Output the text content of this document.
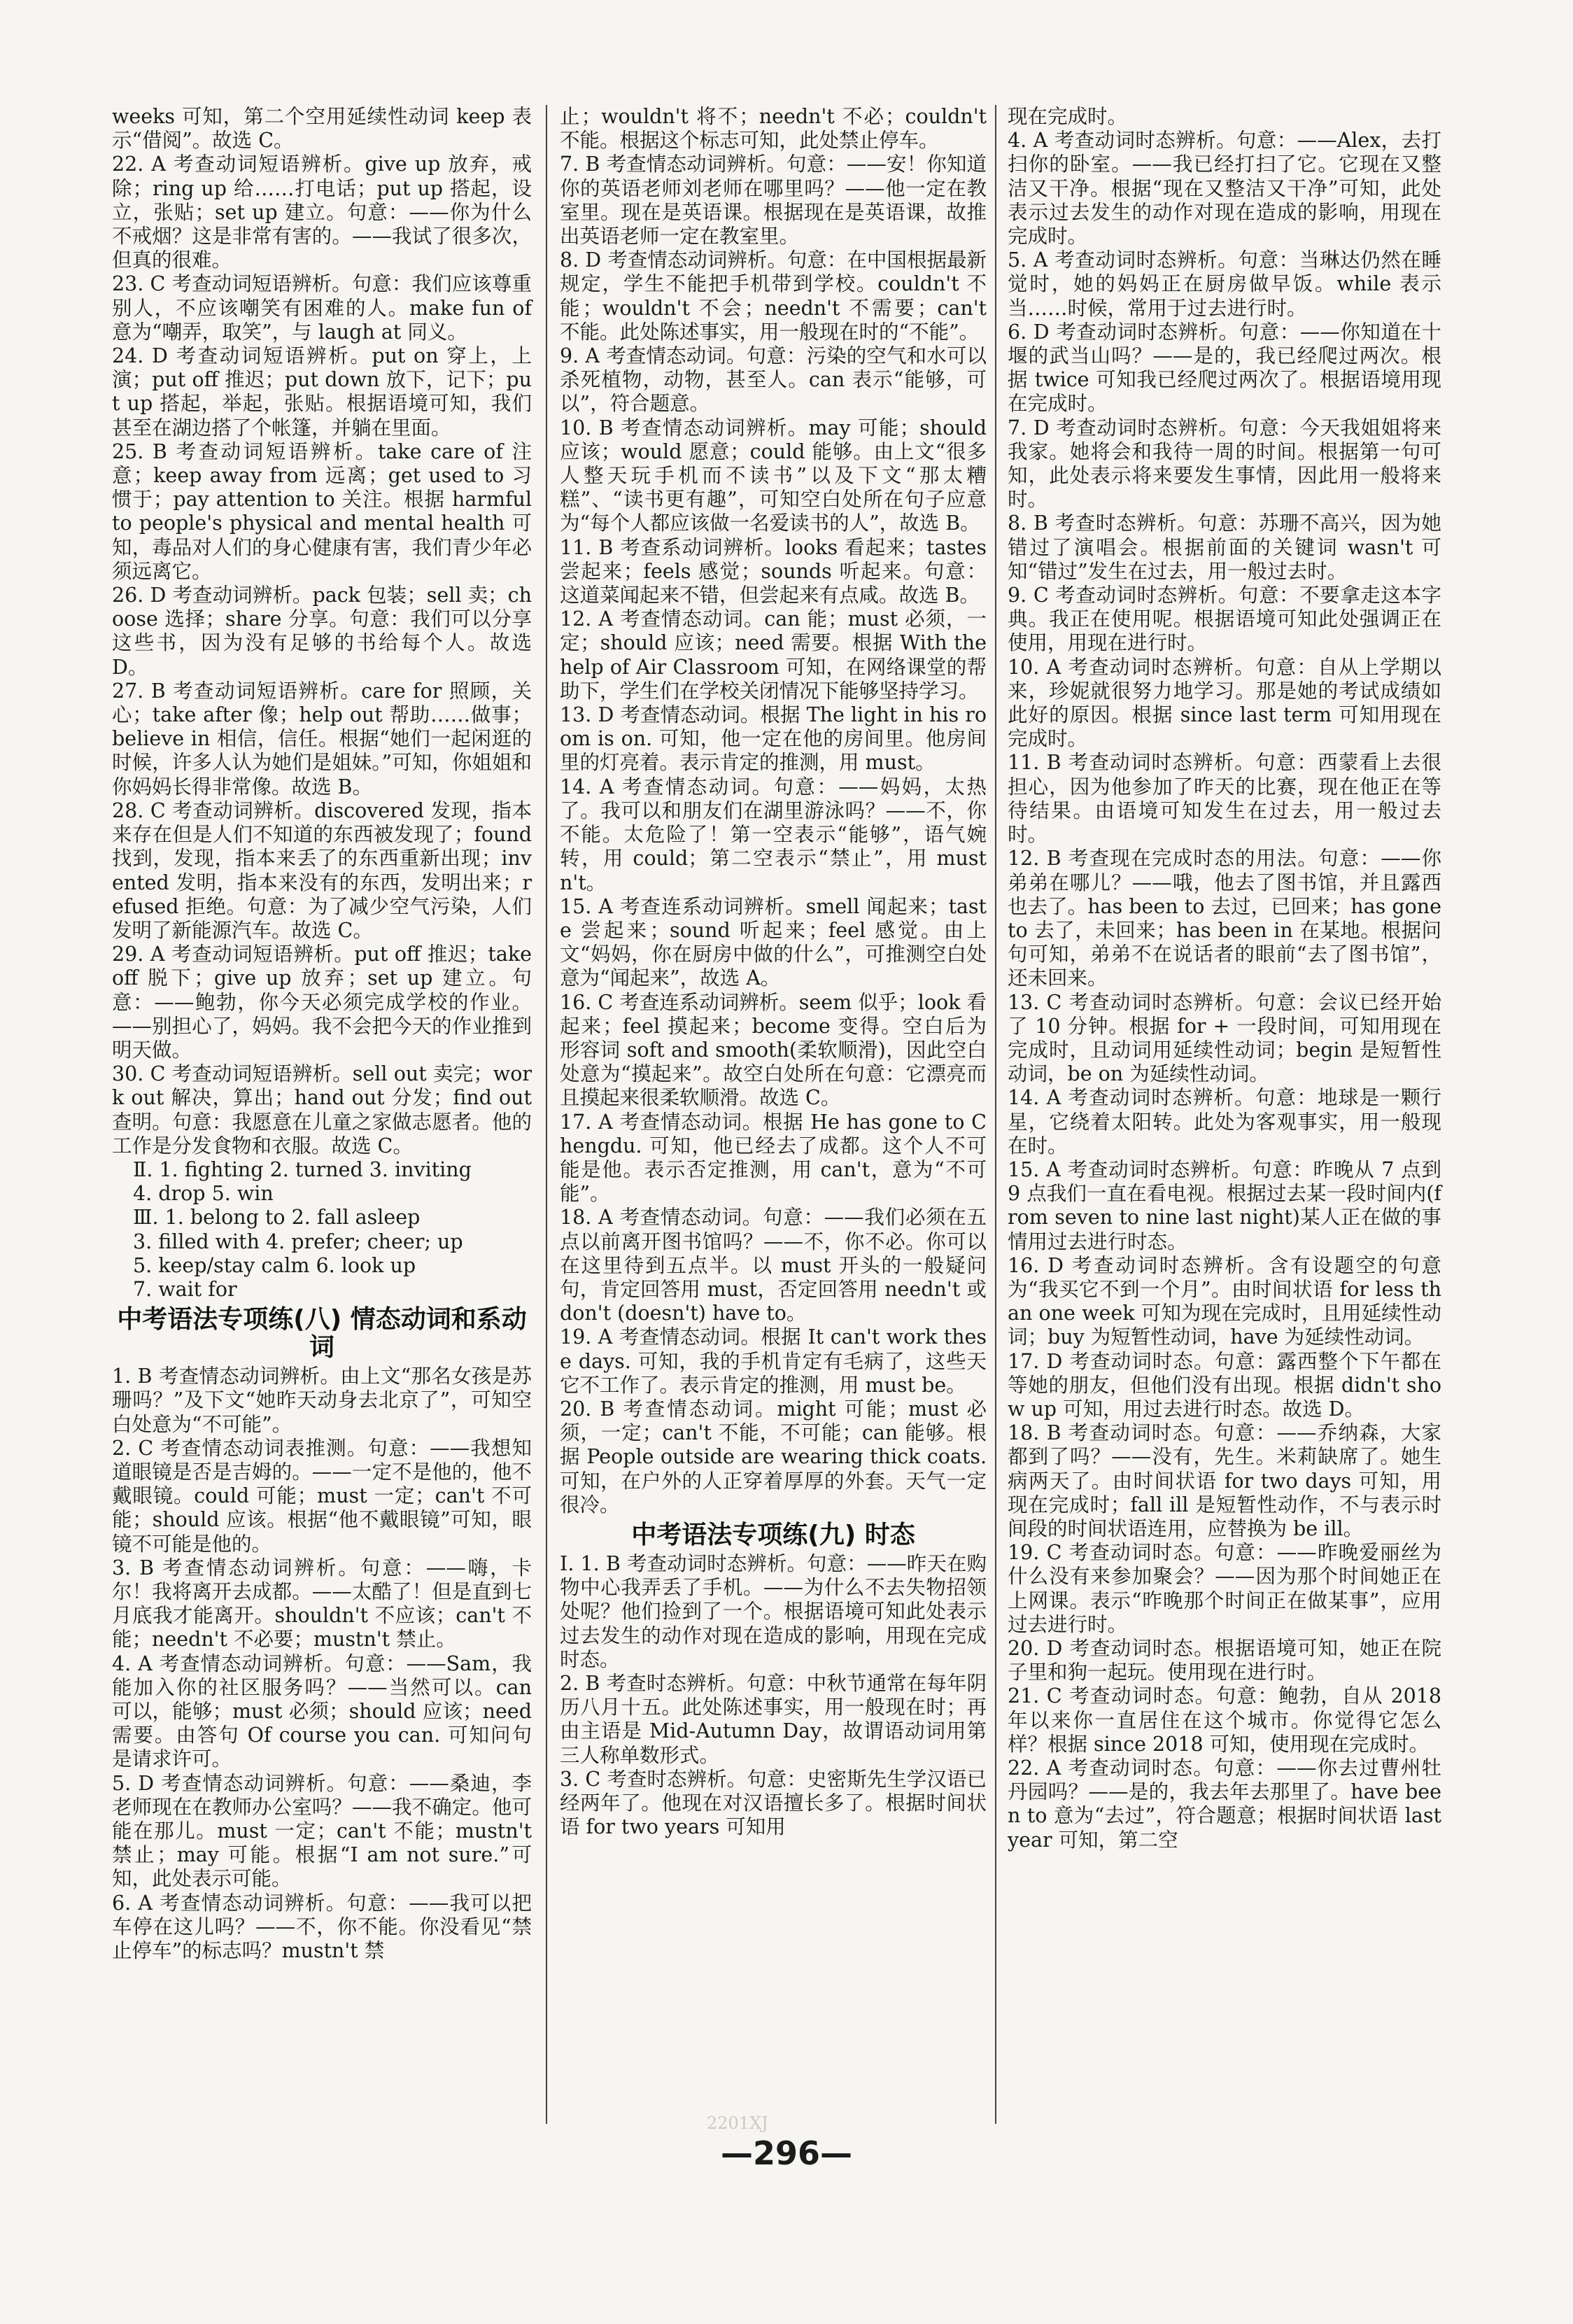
weeks 可知，第二个空用延续性动词 keep 表示“借阅”。故选 C。

22. A 考查动词短语辨析。give up 放弃，戒除；ring up 给……打电话；put up 搭起，设立，张贴；set up 建立。句意：——你为什么不戒烟？这是非常有害的。——我试了很多次，但真的很难。

23. C 考查动词短语辨析。句意：我们应该尊重别人，不应该嘲笑有困难的人。make fun of 意为“嘲弄，取笑”，与 laugh at 同义。

24. D 考查动词短语辨析。put on 穿上，上演；put off 推迟；put down 放下，记下；put up 搭起，举起，张贴。根据语境可知，我们甚至在湖边搭了个帐篷，并躺在里面。

25. B 考查动词短语辨析。take care of 注意；keep away from 远离；get used to 习惯于；pay attention to 关注。根据 harmful to people's physical and mental health 可知，毒品对人们的身心健康有害，我们青少年必须远离它。

26. D 考查动词辨析。pack 包装；sell 卖；choose 选择；share 分享。句意：我们可以分享这些书，因为没有足够的书给每个人。故选 D。

27. B 考查动词短语辨析。care for 照顾，关心；take after 像；help out 帮助……做事；believe in 相信，信任。根据“她们一起闲逛的时候，许多人认为她们是姐妹。”可知，你姐姐和你妈妈长得非常像。故选 B。

28. C 考查动词辨析。discovered 发现，指本来存在但是人们不知道的东西被发现了；found 找到，发现，指本来丢了的东西重新出现；invented 发明，指本来没有的东西，发明出来；refused 拒绝。句意：为了减少空气污染，人们发明了新能源汽车。故选 C。

29. A 考查动词短语辨析。put off 推迟；take off 脱下；give up 放弃；set up 建立。句意：——鲍勃，你今天必须完成学校的作业。——别担心了，妈妈。我不会把今天的作业推到明天做。

30. C 考查动词短语辨析。sell out 卖完；work out 解决，算出；hand out 分发；find out 查明。句意：我愿意在儿童之家做志愿者。他的工作是分发食物和衣服。故选 C。

Ⅱ. 1. fighting 2. turned 3. inviting
4. drop 5. win

Ⅲ. 1. belong to 2. fall asleep
3. filled with 4. prefer; cheer; up
5. keep/stay calm 6. look up
7. wait for

中考语法专项练(八) 情态动词和系动词

1. B 考查情态动词辨析。由上文“那名女孩是苏珊吗？”及下文“她昨天动身去北京了”，可知空白处意为“不可能”。

2. C 考查情态动词表推测。句意：——我想知道眼镜是否是吉姆的。——一定不是他的，他不戴眼镜。could 可能；must 一定；can't 不可能；should 应该。根据“他不戴眼镜”可知，眼镜不可能是他的。

3. B 考查情态动词辨析。句意：——嗨，卡尔！我将离开去成都。——太酷了！但是直到七月底我才能离开。shouldn't 不应该；can't 不能；needn't 不必要；mustn't 禁止。

4. A 考查情态动词辨析。句意：——Sam，我能加入你的社区服务吗？——当然可以。can 可以，能够；must 必须；should 应该；need 需要。由答句 Of course you can. 可知问句是请求许可。

5. D 考查情态动词辨析。句意：——桑迪，李老师现在在教师办公室吗？——我不确定。他可能在那儿。must 一定；can't 不能；mustn't 禁止；may 可能。根据“I am not sure.”可知，此处表示可能。

6. A 考查情态动词辨析。句意：——我可以把车停在这儿吗？——不，你不能。你没看见“禁止停车”的标志吗？mustn't 禁

止；wouldn't 将不；needn't 不必；couldn't 不能。根据这个标志可知，此处禁止停车。

7. B 考查情态动词辨析。句意：——安！你知道你的英语老师刘老师在哪里吗？——他一定在教室里。现在是英语课。根据现在是英语课，故推出英语老师一定在教室里。

8. D 考查情态动词辨析。句意：在中国根据最新规定，学生不能把手机带到学校。couldn't 不能；wouldn't 不会；needn't 不需要；can't 不能。此处陈述事实，用一般现在时的“不能”。

9. A 考查情态动词。句意：污染的空气和水可以杀死植物，动物，甚至人。can 表示“能够，可以”，符合题意。

10. B 考查情态动词辨析。may 可能；should 应该；would 愿意；could 能够。由上文“很多人整天玩手机而不读书”以及下文“那太糟糕”、“读书更有趣”，可知空白处所在句子应意为“每个人都应该做一名爱读书的人”，故选 B。

11. B 考查系动词辨析。looks 看起来；tastes 尝起来；feels 感觉；sounds 听起来。句意：这道菜闻起来不错，但尝起来有点咸。故选 B。

12. A 考查情态动词。can 能；must 必须，一定；should 应该；need 需要。根据 With the help of Air Classroom 可知，在网络课堂的帮助下，学生们在学校关闭情况下能够坚持学习。

13. D 考查情态动词。根据 The light in his room is on. 可知，他一定在他的房间里。他房间里的灯亮着。表示肯定的推测，用 must。

14. A 考查情态动词。句意：——妈妈，太热了。我可以和朋友们在湖里游泳吗？——不，你不能。太危险了！第一空表示“能够”，语气婉转，用 could；第二空表示“禁止”，用 mustn't。

15. A 考查连系动词辨析。smell 闻起来；taste 尝起来；sound 听起来；feel 感觉。由上文“妈妈，你在厨房中做的什么”，可推测空白处意为“闻起来”，故选 A。

16. C 考查连系动词辨析。seem 似乎；look 看起来；feel 摸起来；become 变得。空白后为形容词 soft and smooth(柔软顺滑)，因此空白处意为“摸起来”。故空白处所在句意：它漂亮而且摸起来很柔软顺滑。故选 C。

17. A 考查情态动词。根据 He has gone to Chengdu. 可知，他已经去了成都。这个人不可能是他。表示否定推测，用 can't，意为“不可能”。

18. A 考查情态动词。句意：——我们必须在五点以前离开图书馆吗？——不，你不必。你可以在这里待到五点半。以 must 开头的一般疑问句，肯定回答用 must，否定回答用 needn't 或 don't (doesn't) have to。

19. A 考查情态动词。根据 It can't work these days. 可知，我的手机肯定有毛病了，这些天它不工作了。表示肯定的推测，用 must be。

20. B 考查情态动词。might 可能；must 必须，一定；can't 不能，不可能；can 能够。根据 People outside are wearing thick coats. 可知，在户外的人正穿着厚厚的外套。天气一定很冷。

中考语法专项练(九) 时态

Ⅰ. 1. B 考查动词时态辨析。句意：——昨天在购物中心我弄丢了手机。——为什么不去失物招领处呢？他们捡到了一个。根据语境可知此处表示过去发生的动作对现在造成的影响，用现在完成时态。

2. B 考查时态辨析。句意：中秋节通常在每年阴历八月十五。此处陈述事实，用一般现在时；再由主语是 Mid-Autumn Day，故谓语动词用第三人称单数形式。

3. C 考查时态辨析。句意：史密斯先生学汉语已经两年了。他现在对汉语擅长多了。根据时间状语 for two years 可知用

现在完成时。

4. A 考查动词时态辨析。句意：——Alex，去打扫你的卧室。——我已经打扫了它。它现在又整洁又干净。根据“现在又整洁又干净”可知，此处表示过去发生的动作对现在造成的影响，用现在完成时。

5. A 考查动词时态辨析。句意：当琳达仍然在睡觉时，她的妈妈正在厨房做早饭。while 表示当……时候，常用于过去进行时。

6. D 考查动词时态辨析。句意：——你知道在十堰的武当山吗？——是的，我已经爬过两次。根据 twice 可知我已经爬过两次了。根据语境用现在完成时。

7. D 考查动词时态辨析。句意：今天我姐姐将来我家。她将会和我待一周的时间。根据第一句可知，此处表示将来要发生事情，因此用一般将来时。

8. B 考查时态辨析。句意：苏珊不高兴，因为她错过了演唱会。根据前面的关键词 wasn't 可知“错过”发生在过去，用一般过去时。

9. C 考查动词时态辨析。句意：不要拿走这本字典。我正在使用呢。根据语境可知此处强调正在使用，用现在进行时。

10. A 考查动词时态辨析。句意：自从上学期以来，珍妮就很努力地学习。那是她的考试成绩如此好的原因。根据 since last term 可知用现在完成时。

11. B 考查动词时态辨析。句意：西蒙看上去很担心，因为他参加了昨天的比赛，现在他正在等待结果。由语境可知发生在过去，用一般过去时。

12. B 考查现在完成时态的用法。句意：——你弟弟在哪儿？——哦，他去了图书馆，并且露西也去了。has been to 去过，已回来；has gone to 去了，未回来；has been in 在某地。根据问句可知，弟弟不在说话者的眼前“去了图书馆”，还未回来。

13. C 考查动词时态辨析。句意：会议已经开始了 10 分钟。根据 for + 一段时间，可知用现在完成时，且动词用延续性动词；begin 是短暂性动词，be on 为延续性动词。

14. A 考查动词时态辨析。句意：地球是一颗行星，它绕着太阳转。此处为客观事实，用一般现在时。

15. A 考查动词时态辨析。句意：昨晚从 7 点到 9 点我们一直在看电视。根据过去某一段时间内(from seven to nine last night)某人正在做的事情用过去进行时态。

16. D 考查动词时态辨析。含有设题空的句意为“我买它不到一个月”。由时间状语 for less than one week 可知为现在完成时，且用延续性动词；buy 为短暂性动词，have 为延续性动词。

17. D 考查动词时态。句意：露西整个下午都在等她的朋友，但他们没有出现。根据 didn't show up 可知，用过去进行时态。故选 D。

18. B 考查动词时态。句意：——乔纳森，大家都到了吗？——没有，先生。米莉缺席了。她生病两天了。由时间状语 for two days 可知，用现在完成时；fall ill 是短暂性动作，不与表示时间段的时间状语连用，应替换为 be ill。

19. C 考查动词时态。句意：——昨晚爱丽丝为什么没有来参加聚会？——因为那个时间她正在上网课。表示“昨晚那个时间正在做某事”，应用过去进行时。

20. D 考查动词时态。根据语境可知，她正在院子里和狗一起玩。使用现在进行时。

21. C 考查动词时态。句意：鲍勃，自从 2018 年以来你一直居住在这个城市。你觉得它怎么样？根据 since 2018 可知，使用现在完成时。

22. A 考查动词时态。句意：——你去过曹州牡丹园吗？——是的，我去年去那里了。have been to 意为“去过”，符合题意；根据时间状语 last year 可知，第二空

2201XJ
—296—
